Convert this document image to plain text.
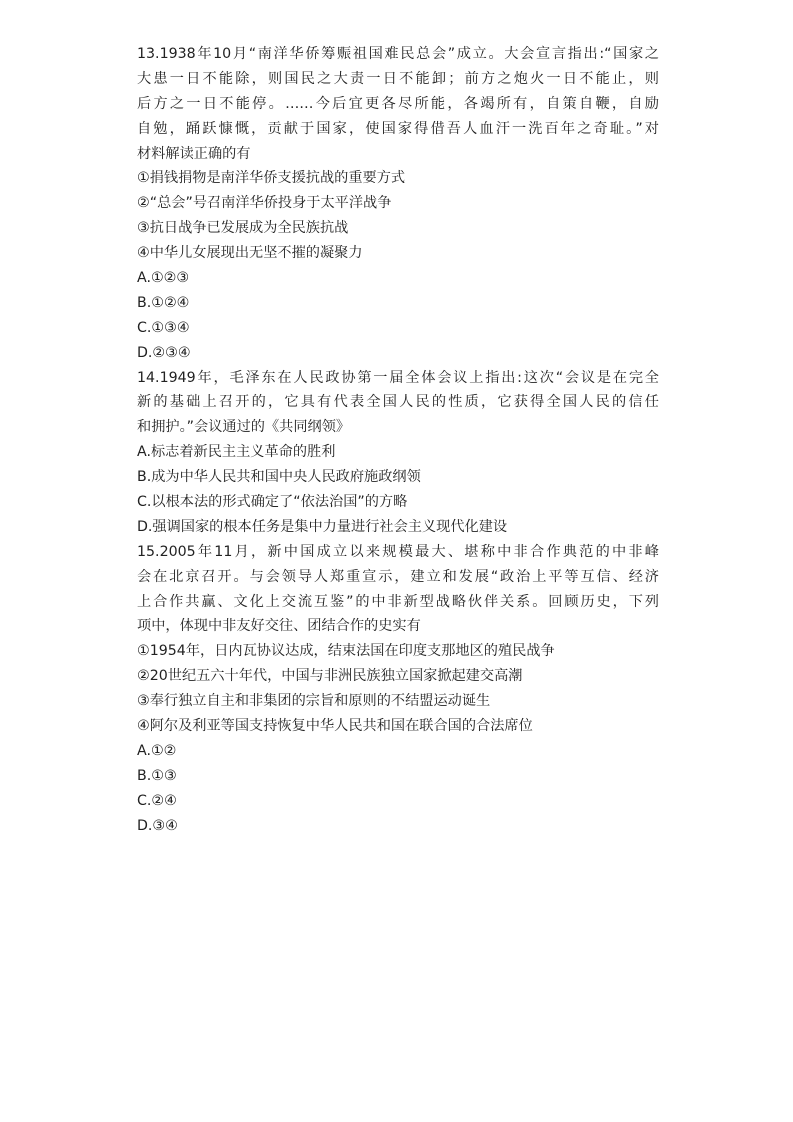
13.1938年10月“南洋华侨筹赈祖国难民总会”成立。大会宣言指出:“国家之
大患一日不能除，则国民之大责一日不能卸；前方之炮火一日不能止，则
后方之一日不能停。……今后宜更各尽所能，各竭所有，自策自鞭，自励
自勉，踊跃慷慨，贡献于国家，使国家得借吾人血汗一洗百年之奇耻。”对
材料解读正确的有
①捐钱捐物是南洋华侨支援抗战的重要方式
②“总会”号召南洋华侨投身于太平洋战争
③抗日战争已发展成为全民族抗战
④中华儿女展现出无坚不摧的凝聚力
A.①②③
B.①②④
C.①③④
D.②③④
14.1949年，毛泽东在人民政协第一届全体会议上指出:这次“会议是在完全
新的基础上召开的，它具有代表全国人民的性质，它获得全国人民的信任
和拥护。”会议通过的《共同纲领》
A.标志着新民主主义革命的胜利
B.成为中华人民共和国中央人民政府施政纲领
C.以根本法的形式确定了“依法治国”的方略
D.强调国家的根本任务是集中力量进行社会主义现代化建设
15.2005年11月，新中国成立以来规模最大、堪称中非合作典范的中非峰
会在北京召开。与会领导人郑重宣示，建立和发展“政治上平等互信、经济
上合作共赢、文化上交流互鉴”的中非新型战略伙伴关系。回顾历史，下列
项中，体现中非友好交往、团结合作的史实有
①1954年，日内瓦协议达成，结束法国在印度支那地区的殖民战争
②20世纪五六十年代，中国与非洲民族独立国家掀起建交高潮
③奉行独立自主和非集团的宗旨和原则的不结盟运动诞生
④阿尔及利亚等国支持恢复中华人民共和国在联合国的合法席位
A.①②
B.①③
C.②④
D.③④
